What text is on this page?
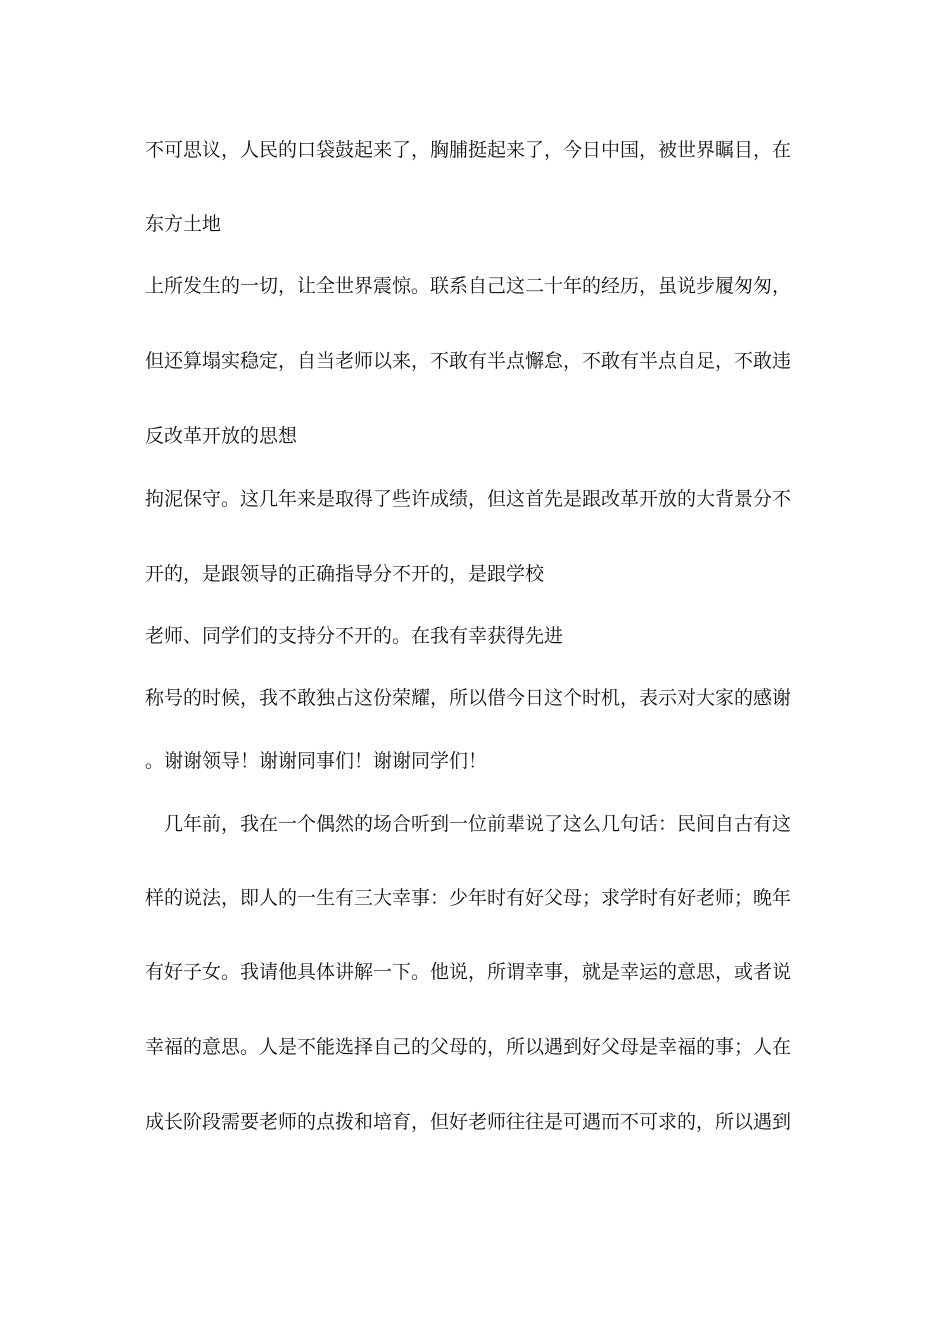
不可思议，人民的口袋鼓起来了，胸脯挺起来了，今日中国，被世界瞩目，在
东方土地
上所发生的一切，让全世界震惊。联系自己这二十年的经历，虽说步履匆匆，
但还算塌实稳定，自当老师以来，不敢有半点懈怠，不敢有半点自足，不敢违
反改革开放的思想
拘泥保守。这几年来是取得了些许成绩，但这首先是跟改革开放的大背景分不
开的，是跟领导的正确指导分不开的，是跟学校
老师、同学们的支持分不开的。在我有幸获得先进
称号的时候，我不敢独占这份荣耀，所以借今日这个时机，表示对大家的感谢
。谢谢领导！谢谢同事们！谢谢同学们！
几年前，我在一个偶然的场合听到一位前辈说了这么几句话：民间自古有这
样的说法，即人的一生有三大幸事：少年时有好父母；求学时有好老师；晚年
有好子女。我请他具体讲解一下。他说，所谓幸事，就是幸运的意思，或者说
幸福的意思。人是不能选择自己的父母的，所以遇到好父母是幸福的事；人在
成长阶段需要老师的点拨和培育，但好老师往往是可遇而不可求的，所以遇到
